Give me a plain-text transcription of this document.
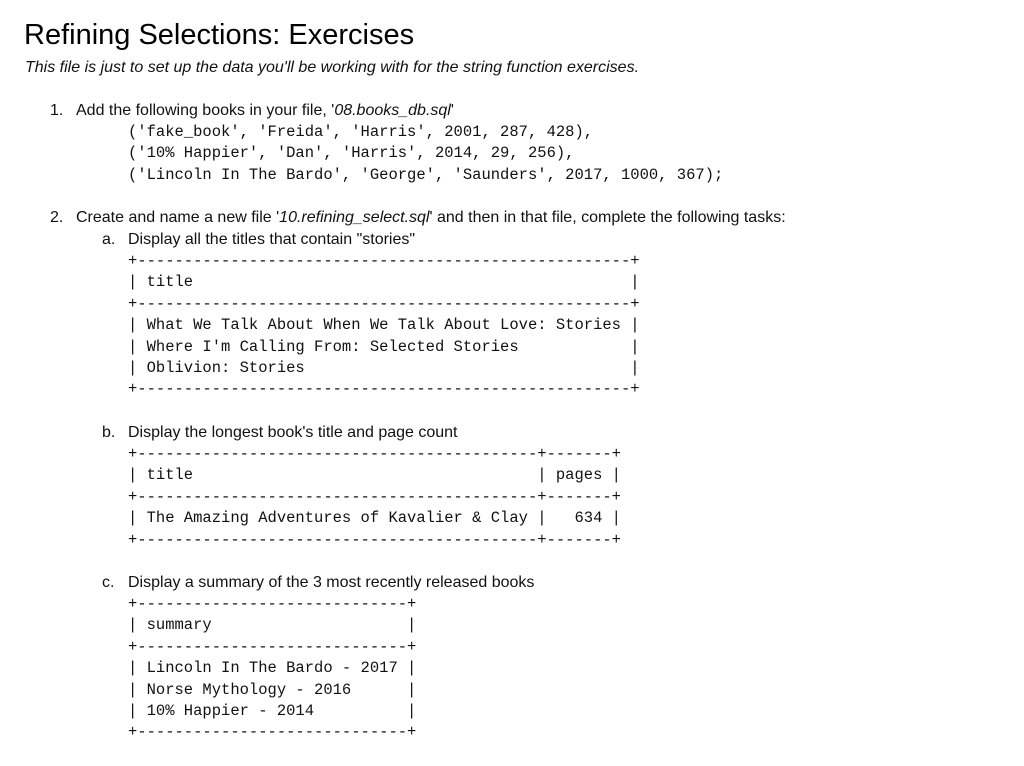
Refining Selections: Exercises

This file is just to set up the data you'll be working with for the string function exercises.

1. Add the following books in your file, '08.books_db.sql'
('fake_book', 'Freida', 'Harris', 2001, 287, 428),
('10% Happier', 'Dan', 'Harris', 2014, 29, 256),
('Lincoln In The Bardo', 'George', 'Saunders', 2017, 1000, 367);
2. Create and name a new file '10.refining_select.sql' and then in that file, complete the following tasks:
a. Display all the titles that contain "stories"
+-----------------------------------------------------+
| title                                               |
+-----------------------------------------------------+
| What We Talk About When We Talk About Love: Stories |
| Where I'm Calling From: Selected Stories            |
| Oblivion: Stories                                   |
+-----------------------------------------------------+
b. Display the longest book's title and page count
+-------------------------------------------+-------+
| title                                     | pages |
+-------------------------------------------+-------+
| The Amazing Adventures of Kavalier & Clay |   634 |
+-------------------------------------------+-------+
c. Display a summary of the 3 most recently released books
+-----------------------------+
| summary                     |
+-----------------------------+
| Lincoln In The Bardo - 2017 |
| Norse Mythology - 2016      |
| 10% Happier - 2014          |
+-----------------------------+
